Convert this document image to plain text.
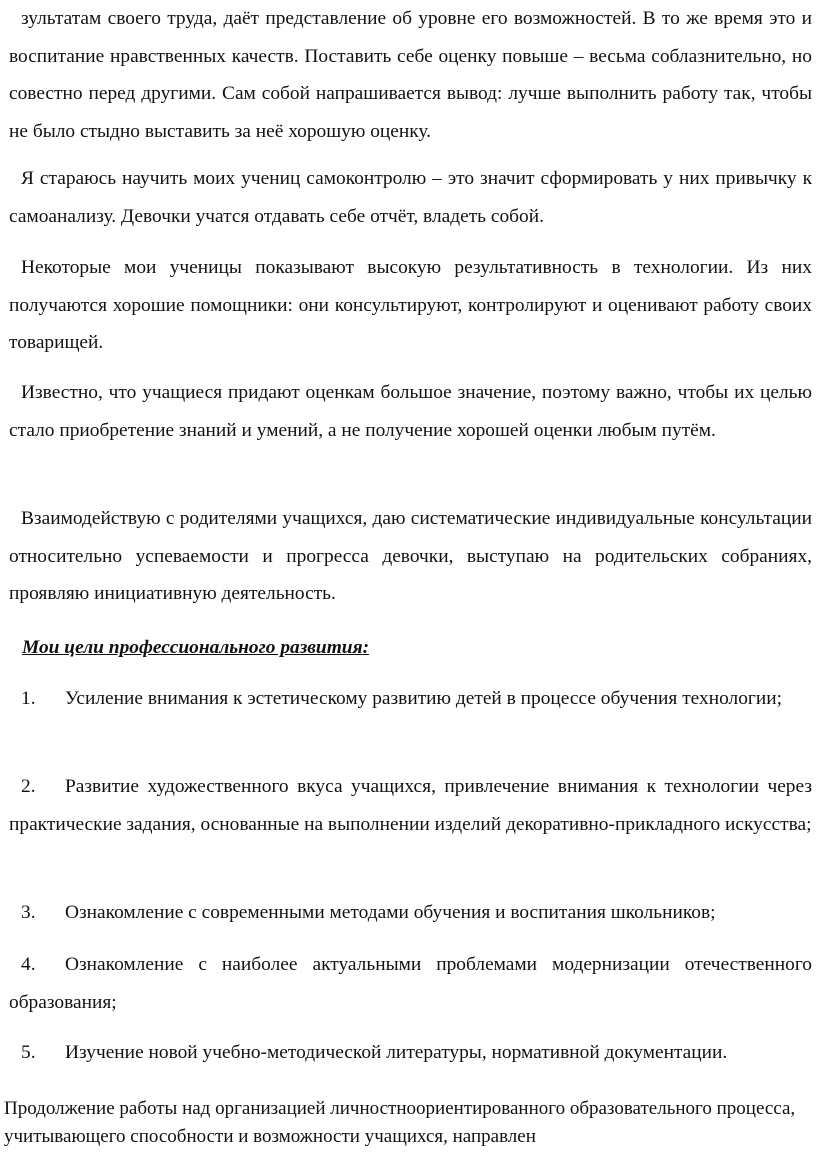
зультатам своего труда, даёт представление об уровне его возможностей. В то же время это и воспитание нравственных качеств. Поставить себе оценку повыше – весьма соблазнительно, но совестно перед другими. Сам собой напрашивается вывод: лучше выполнить работу так, чтобы не было стыдно выставить за неё хорошую оценку.

Я стараюсь научить моих учениц самоконтролю – это значит сформировать у них привычку к самоанализу. Девочки учатся отдавать себе отчёт, владеть собой.

Некоторые мои ученицы показывают высокую результативность в технологии. Из них получаются хорошие помощники: они консультируют, контролируют и оценивают работу своих товарищей.

Известно, что учащиеся придают оценкам большое значение, поэтому важно, чтобы их целью стало приобретение знаний и умений, а не получение хорошей оценки любым путём.

Взаимодействую с родителями учащихся, даю систематические индивидуальные консультации относительно успеваемости и прогресса девочки, выступаю на родительских собраниях, проявляю инициативную деятельность.

Мои цели профессионального развития:

1. Усиление внимания к эстетическому развитию детей в процессе обучения технологии;

2. Развитие художественного вкуса учащихся, привлечение внимания к технологии через практические задания, основанные на выполнении изделий декоративно-прикладного искусства;

3. Ознакомление с современными методами обучения и воспитания школьников;

4. Ознакомление с наиболее актуальными проблемами модернизации отечественного образования;

5. Изучение новой учебно-методической литературы, нормативной документации.

Продолжение работы над организацией личностноориентированного образовательного процесса, учитывающего способности и возможности учащихся, направлен
